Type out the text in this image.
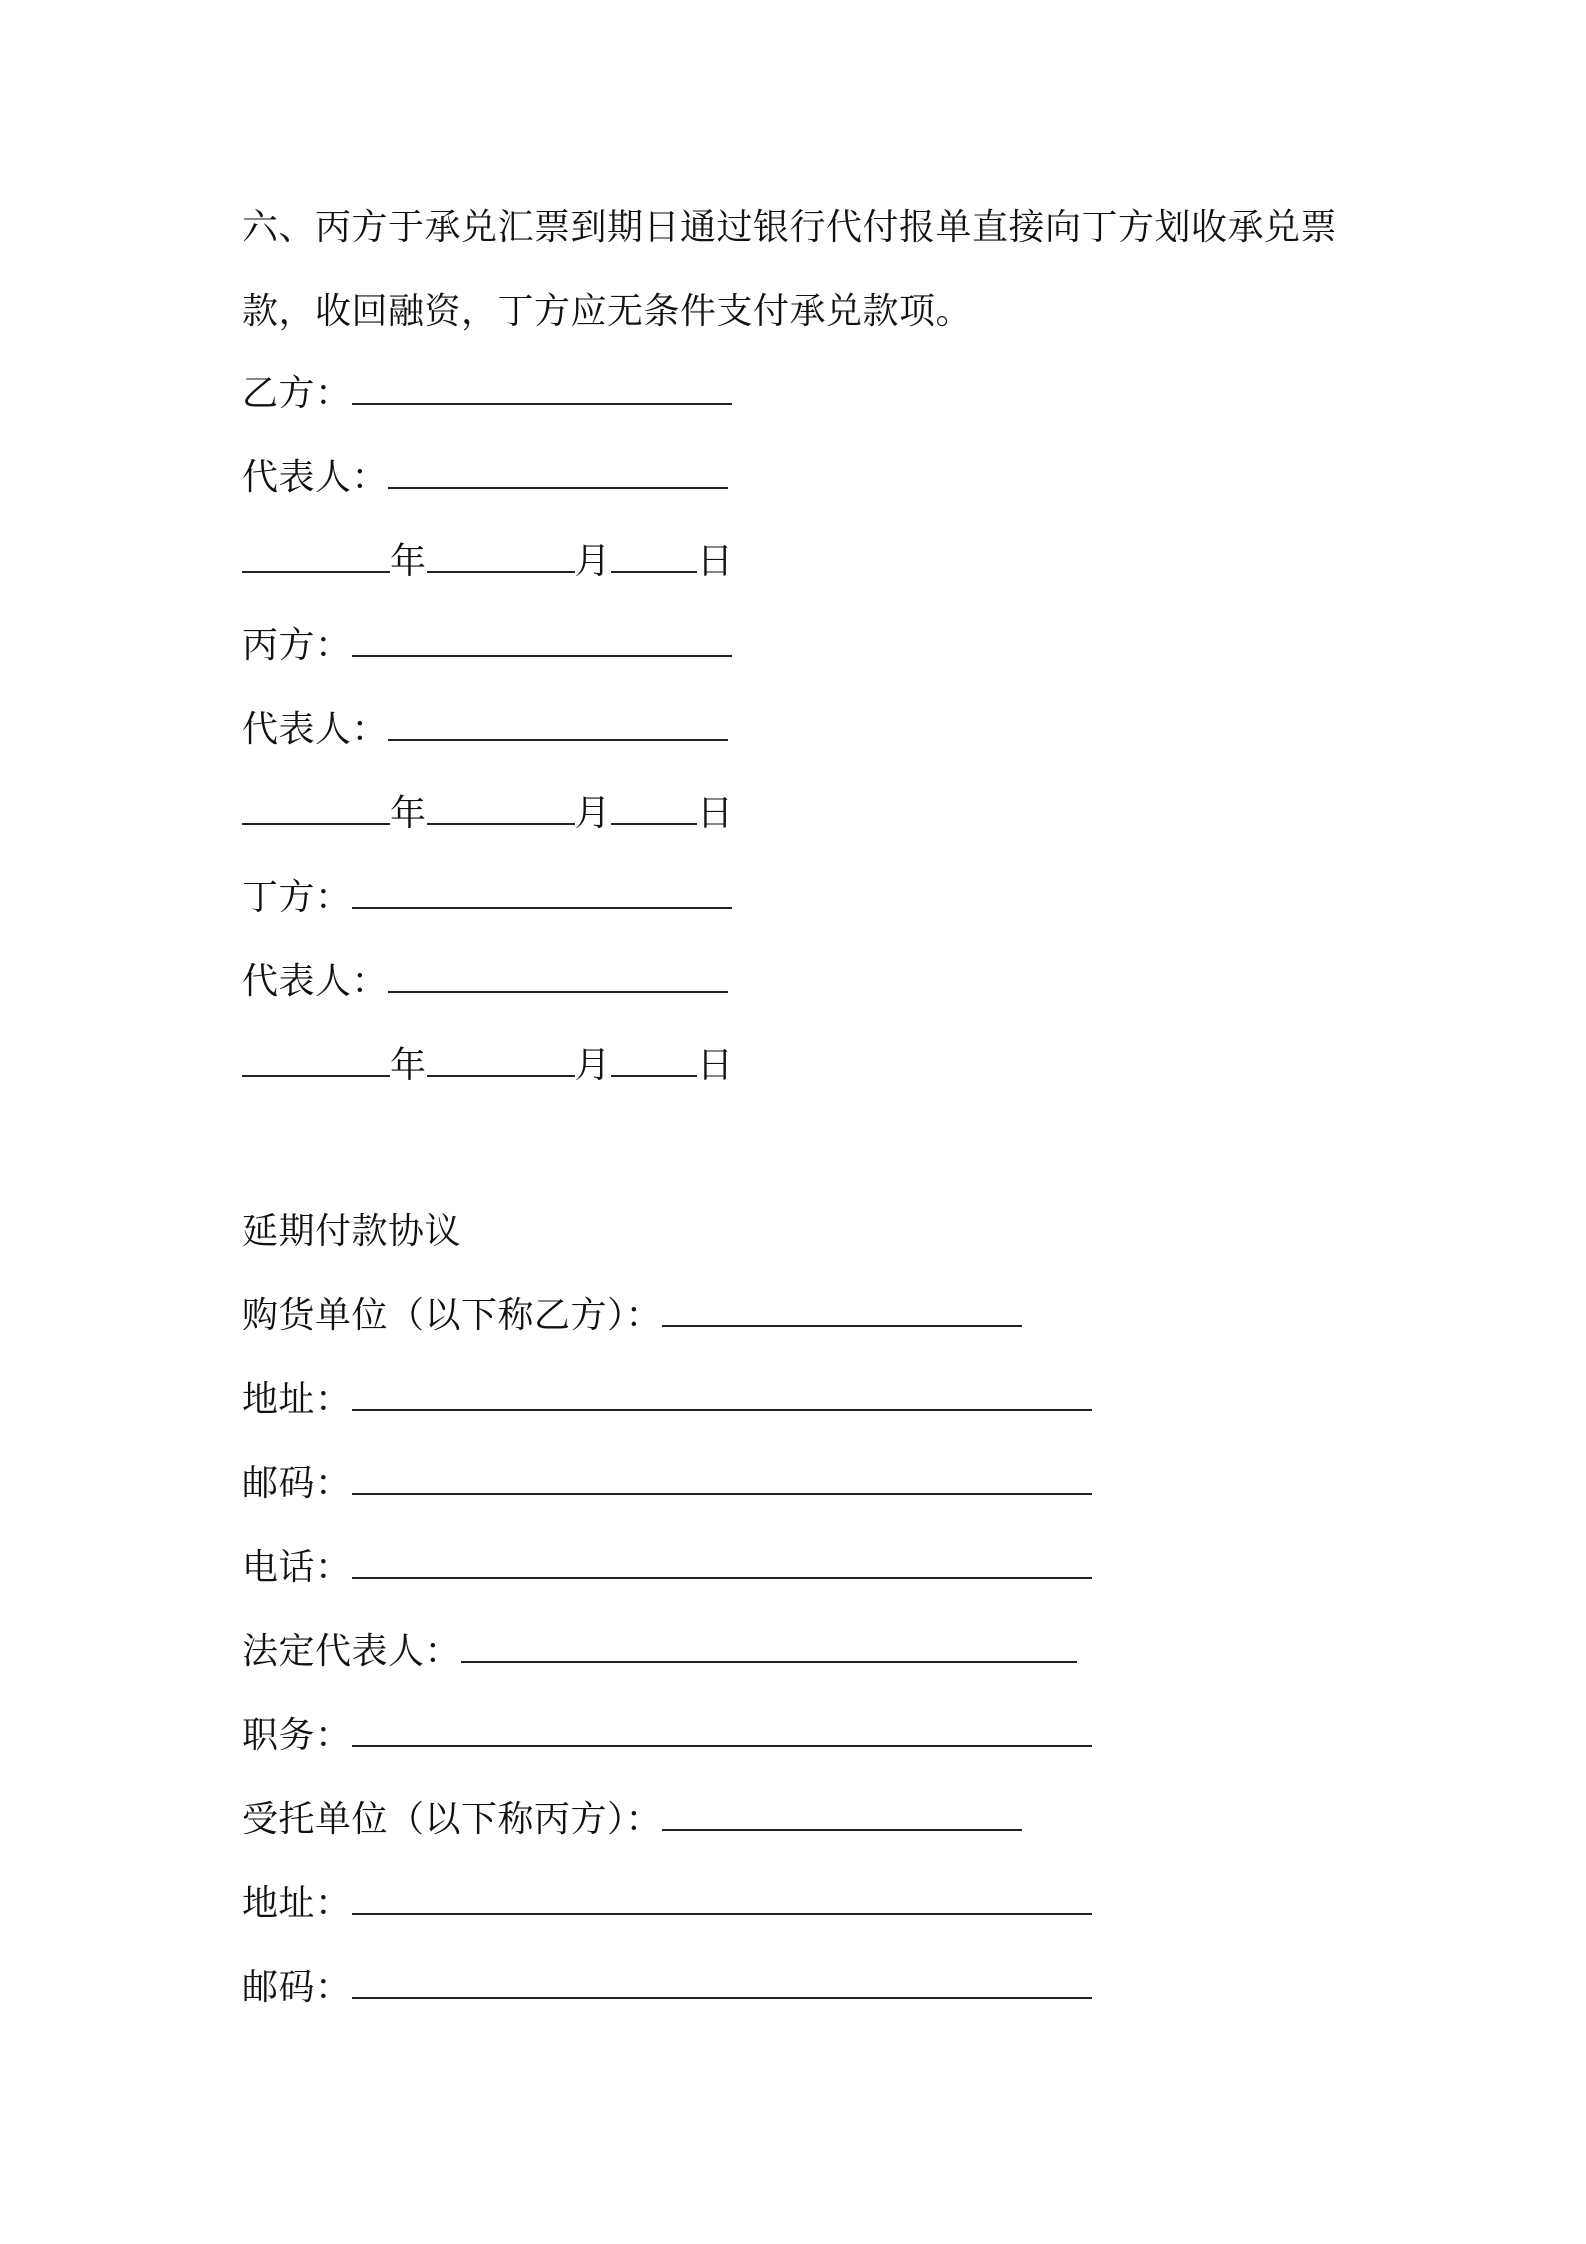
六、丙方于承兑汇票到期日通过银行代付报单直接向丁方划收承兑票
款，收回融资，丁方应无条件支付承兑款项。
乙方：
代表人：
年	月 日
丙方：
代表人：
年	月 日
丁方：
代表人：
年	月 日
延期付款协议
购货单位（以下称乙方）：
地址：
邮码：
电话：
法定代表人：
职务：
受托单位（以下称丙方）：
地址：
邮码：
